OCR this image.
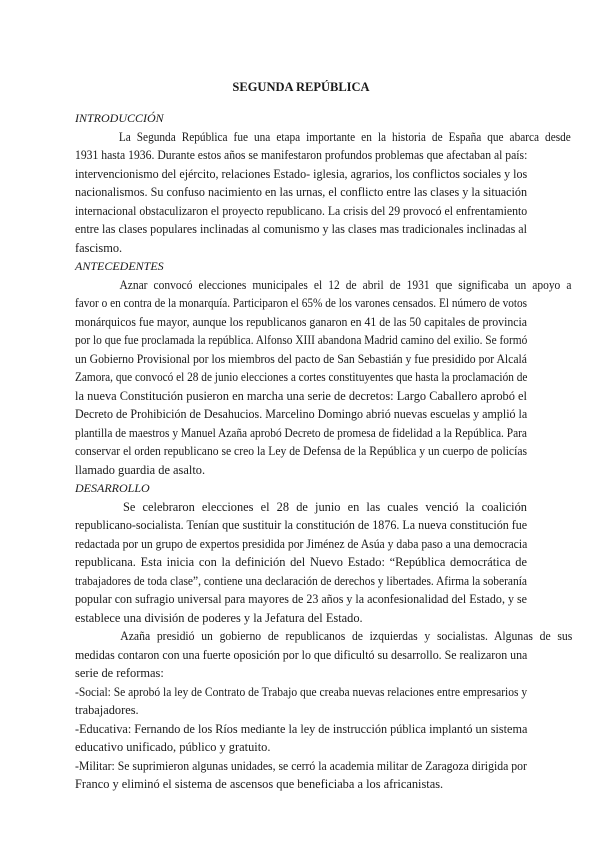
SEGUNDA REPÚBLICA
INTRODUCCIÓN
La Segunda República fue una etapa importante en la historia de España que abarca desde
1931 hasta 1936. Durante estos años se manifestaron profundos problemas que afectaban al país:
intervencionismo del ejército, relaciones Estado- iglesia, agrarios, los conflictos sociales y los
nacionalismos. Su confuso nacimiento en las urnas, el conflicto entre las clases y la situación
internacional obstaculizaron el proyecto republicano. La crisis del 29 provocó el enfrentamiento
entre las clases populares inclinadas al comunismo y las clases mas tradicionales inclinadas al
fascismo.
ANTECEDENTES
Aznar convocó elecciones municipales el 12 de abril de 1931 que significaba un apoyo a
favor o en contra de la monarquía. Participaron el 65% de los varones censados. El número de votos
monárquicos fue mayor, aunque los republicanos ganaron en 41 de las 50 capitales de provincia
por lo que fue proclamada la república. Alfonso XIII abandona Madrid camino del exilio. Se formó
un Gobierno Provisional por los miembros del pacto de San Sebastián y fue presidido por Alcalá
Zamora, que convocó el 28 de junio elecciones a cortes constituyentes que hasta la proclamación de
la nueva Constitución pusieron en marcha una serie de decretos: Largo Caballero aprobó el
Decreto de Prohibición de Desahucios. Marcelino Domingo abrió nuevas escuelas y amplió la
plantilla de maestros y Manuel Azaña aprobó Decreto de promesa de fidelidad a la República. Para
conservar el orden republicano se creo la Ley de Defensa de la República y un cuerpo de policías
llamado guardia de asalto.
DESARROLLO
Se celebraron elecciones el 28 de junio en las cuales venció la coalición
republicano-socialista. Tenían que sustituir la constitución de 1876. La nueva constitución fue
redactada por un grupo de expertos presidida por Jiménez de Asúa y daba paso a una democracia
republicana. Esta inicia con la definición del Nuevo Estado: “República democrática de
trabajadores de toda clase”, contiene una declaración de derechos y libertades. Afirma la soberanía
popular con sufragio universal para mayores de 23 años y la aconfesionalidad del Estado, y se
establece una división de poderes y la Jefatura del Estado.
Azaña presidió un gobierno de republicanos de izquierdas y socialistas. Algunas de sus
medidas contaron con una fuerte oposición por lo que dificultó su desarrollo. Se realizaron una
serie de reformas:
-Social: Se aprobó la ley de Contrato de Trabajo que creaba nuevas relaciones entre empresarios y
trabajadores.
-Educativa: Fernando de los Ríos mediante la ley de instrucción pública implantó un sistema
educativo unificado, público y gratuito.
-Militar: Se suprimieron algunas unidades, se cerró la academia militar de Zaragoza dirigida por
Franco y eliminó el sistema de ascensos que beneficiaba a los africanistas.
